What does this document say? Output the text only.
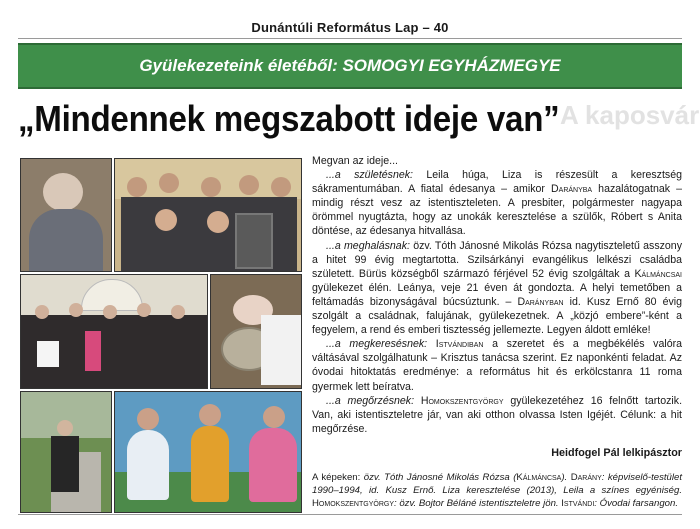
Dunántúli Református Lap – 40
Gyülekezeteink életéből: SOMOGYI EGYHÁZMEGYE
„Mindennek megszabott ideje van” A kaposvár

Megvan az ideje...

...a születésnek: Leila húga, Liza is részesült a keresztség sákramentumában. A fiatal édesanya – amikor Darányba hazalátogatnak – mindig részt vesz az istentiszteleten. A presbiter, polgármester nagyapa örömmel nyugtázta, hogy az unokák keresztelése a szülők, Róbert s Anita döntése, az édesanya hitvallása.

...a meghalásnak: özv. Tóth Jánosné Mikolás Rózsa nagytiszteletű asszony a hitet 99 évig megtartotta. Szilsárkányi evangélikus lelkészi családba született. Bürüs községből származó férjével 52 évig szolgáltak a Kálmáncsai gyülekezet élén. Leánya, veje 21 éven át gondozta. A helyi temetőben a feltámadás bizonyságával búcsúztunk. – Darányban id. Kusz Ernő 80 évig szolgált a családnak, falujának, gyülekezetnek. A „közjó embere”-ként a fegyelem, a rend és emberi tisztesség jellemezte. Legyen áldott emléke!

...a megkeresésnek: Istvándiban a szeretet és a megbékélés valóra váltásával szolgálhatunk – Krisztus tanácsa szerint. Ez naponkénti feladat. Az óvodai hitoktatás eredménye: a református hit és erkölcstanra 11 roma gyermek lett beíratva.

...a megőrzésnek: Homokszentgyörgy gyülekezetéhez 16 felnőtt tartozik. Van, aki istentiszteletre jár, van aki otthon olvassa Isten Igéjét. Célunk: a hit megőrzése.

Heidfogel Pál lelkipásztor
A képeken: özv. Tóth Jánosné Mikolás Rózsa (Kálmáncsa). Darány: képviselő-testület 1990–1994, id. Kusz Ernő. Liza keresztelése (2013), Leila a színes egyéniség. Homokszentgyörgy: özv. Bojtor Béláné istentiszteletre jön. Istvándi: Óvodai farsangon.
